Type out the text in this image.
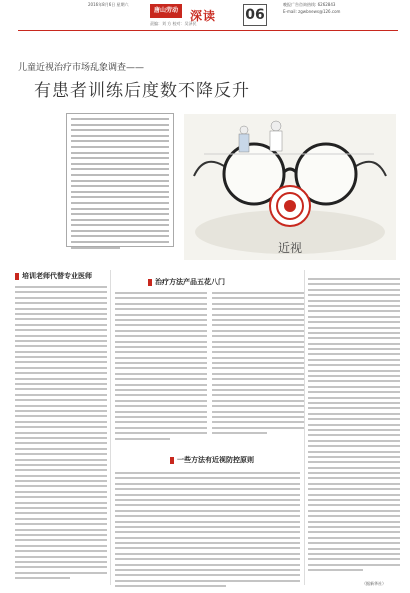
2016年8月6日 星期六
唐山劳动	深读 06
晚报广告咨询热线: 6262843
E-mail: zgwbnews@126.com
责编：刘 方 校对：吴泽民
儿童近视治疗市场乱象调查——
有患者训练后度数不降反升
近视
培训老师代替专业医师
治疗方法产品五花八门
一些方法有近视防控原则
（据新华社）
